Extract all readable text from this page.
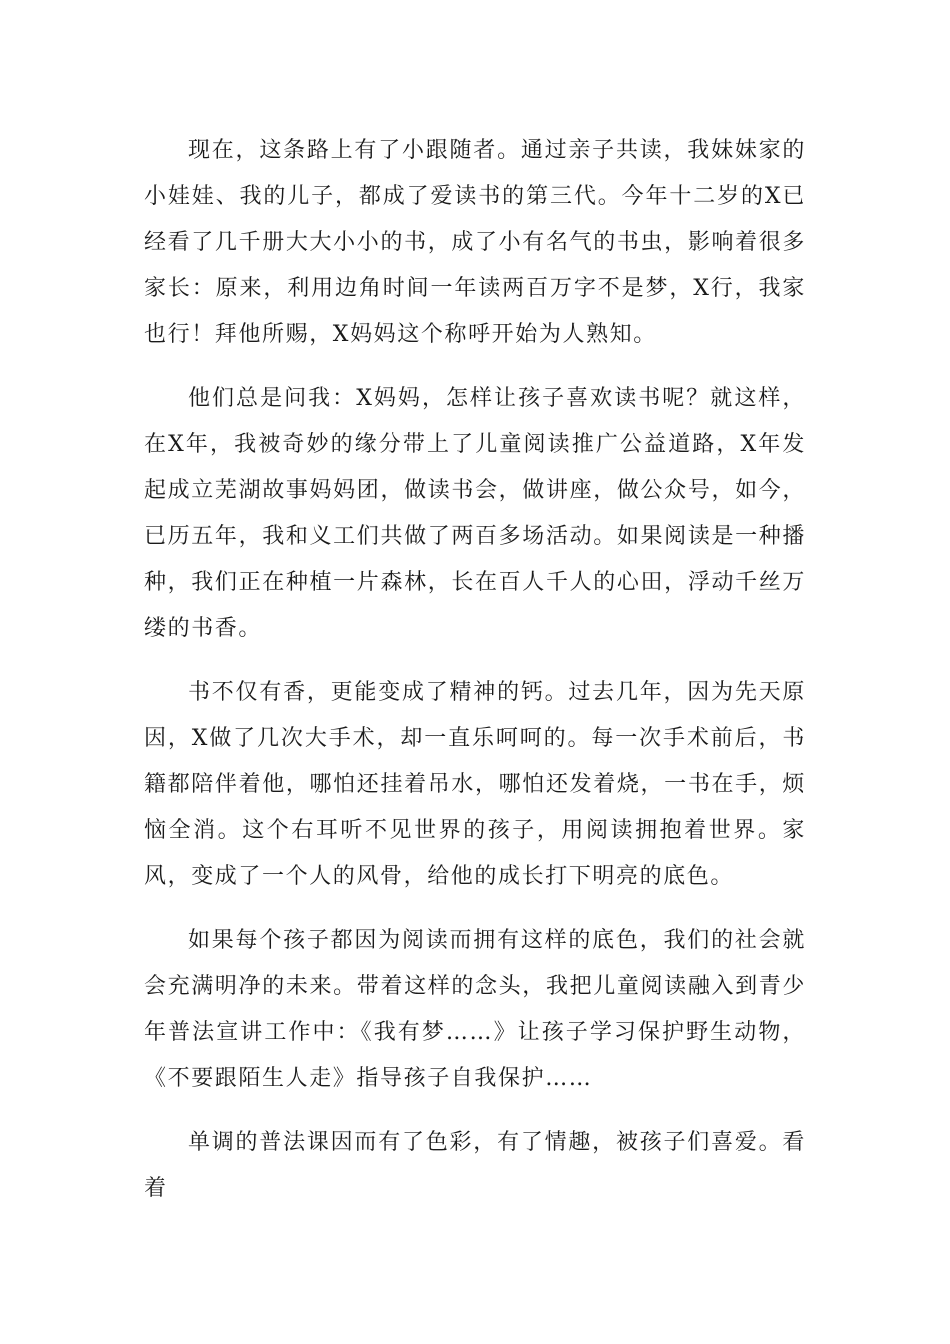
现在，这条路上有了小跟随者。通过亲子共读，我妹妹家的小娃娃、我的儿子，都成了爱读书的第三代。今年十二岁的X已经看了几千册大大小小的书，成了小有名气的书虫，影响着很多家长：原来，利用边角时间一年读两百万字不是梦，X行，我家也行！拜他所赐，X妈妈这个称呼开始为人熟知。

他们总是问我：X妈妈，怎样让孩子喜欢读书呢？就这样，在X年，我被奇妙的缘分带上了儿童阅读推广公益道路，X年发起成立芜湖故事妈妈团，做读书会，做讲座，做公众号，如今，已历五年，我和义工们共做了两百多场活动。如果阅读是一种播种，我们正在种植一片森林，长在百人千人的心田，浮动千丝万缕的书香。

书不仅有香，更能变成了精神的钙。过去几年，因为先天原因，X做了几次大手术，却一直乐呵呵的。每一次手术前后，书籍都陪伴着他，哪怕还挂着吊水，哪怕还发着烧，一书在手，烦恼全消。这个右耳听不见世界的孩子，用阅读拥抱着世界。家风，变成了一个人的风骨，给他的成长打下明亮的底色。

如果每个孩子都因为阅读而拥有这样的底色，我们的社会就会充满明净的未来。带着这样的念头，我把儿童阅读融入到青少年普法宣讲工作中：《我有梦……》让孩子学习保护野生动物，《不要跟陌生人走》指导孩子自我保护……

单调的普法课因而有了色彩，有了情趣，被孩子们喜爱。看着
